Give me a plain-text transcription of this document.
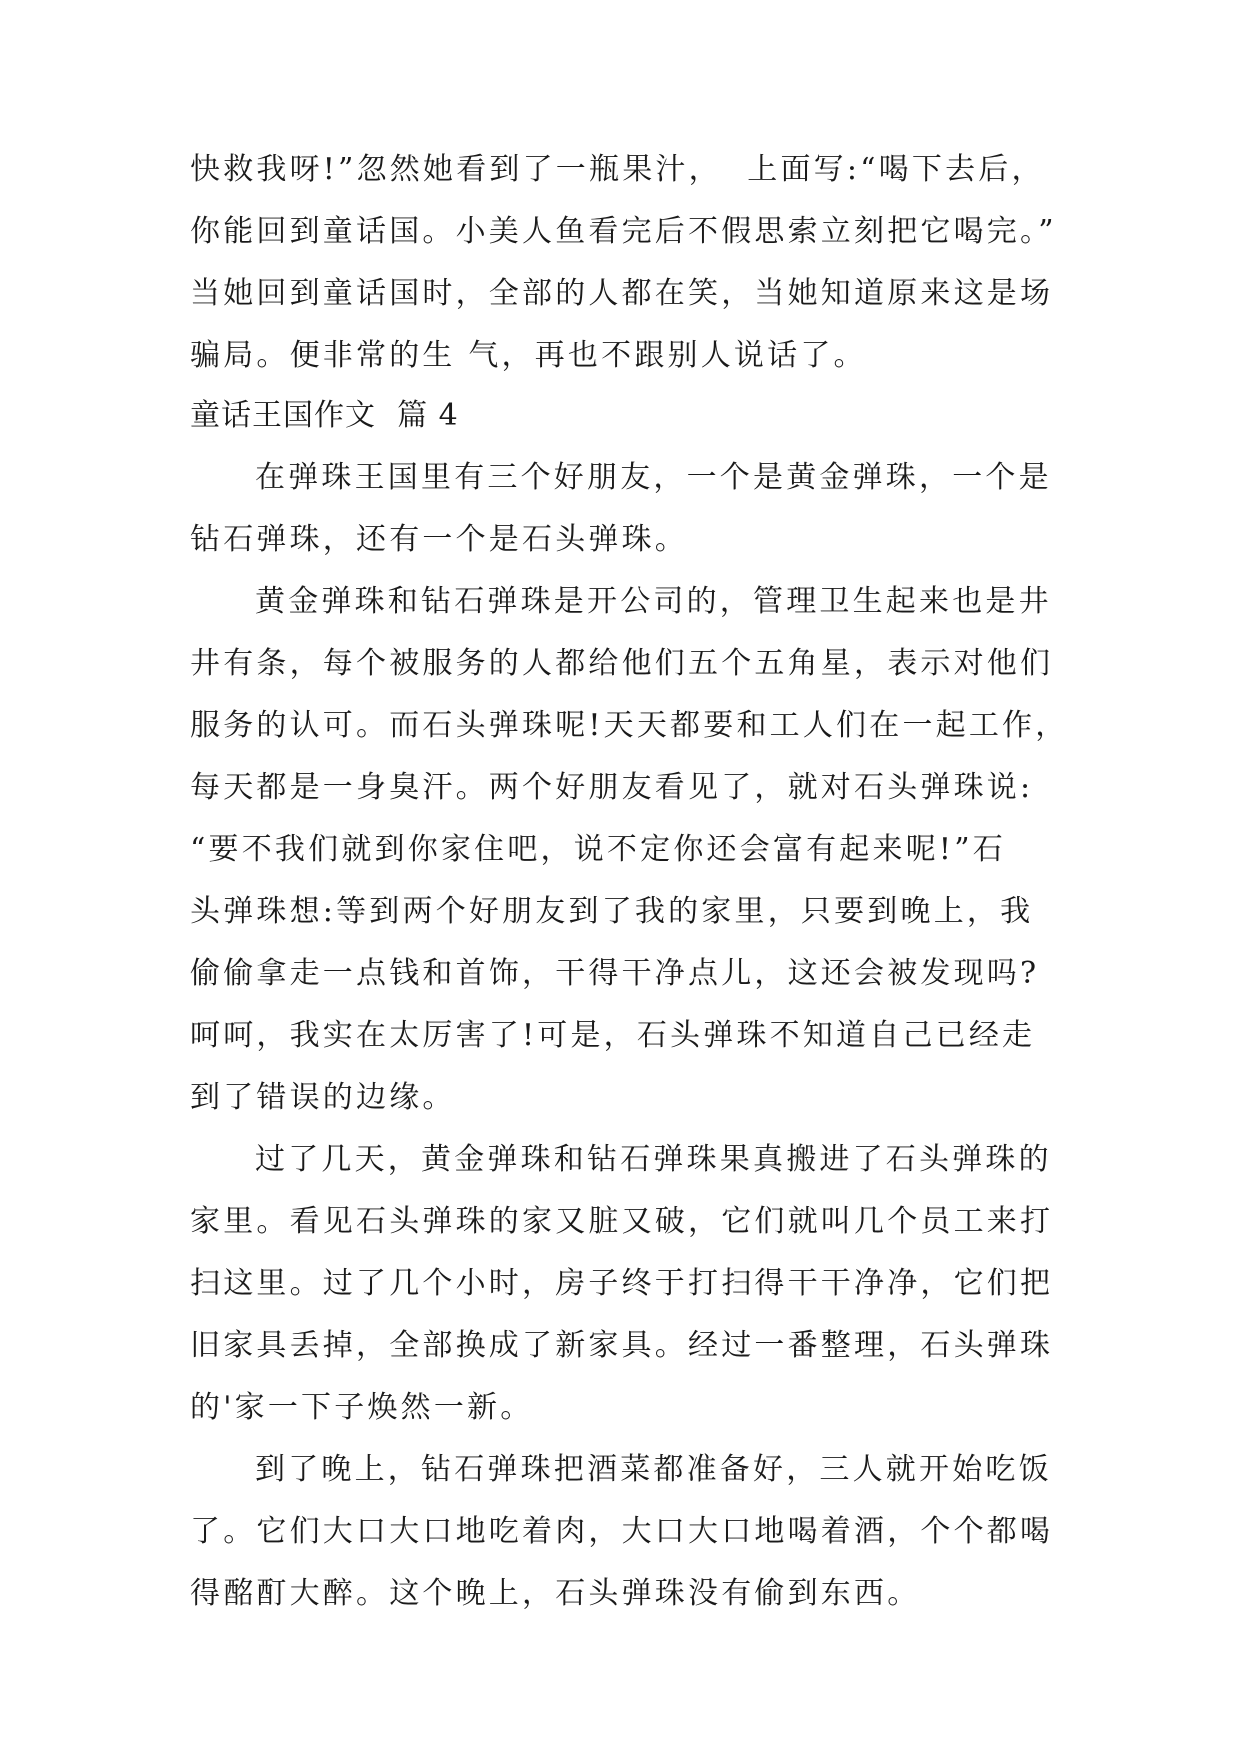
快救我呀!”忽然她看到了一瓶果汁，  上面写:“喝下去后，
你能回到童话国。小美人鱼看完后不假思索立刻把它喝完。”
当她回到童话国时，全部的人都在笑，当她知道原来这是场
骗局。便非常的生 气，再也不跟别人说话了。
童话王国作文  篇 4
在弹珠王国里有三个好朋友，一个是黄金弹珠，一个是
钻石弹珠，还有一个是石头弹珠。
黄金弹珠和钻石弹珠是开公司的，管理卫生起来也是井
井有条，每个被服务的人都给他们五个五角星，表示对他们
服务的认可。而石头弹珠呢!天天都要和工人们在一起工作，
每天都是一身臭汗。两个好朋友看见了，就对石头弹珠说:
“要不我们就到你家住吧，说不定你还会富有起来呢!”石
头弹珠想:等到两个好朋友到了我的家里，只要到晚上，我
偷偷拿走一点钱和首饰，干得干净点儿，这还会被发现吗?
呵呵，我实在太厉害了!可是，石头弹珠不知道自己已经走
到了错误的边缘。
过了几天，黄金弹珠和钻石弹珠果真搬进了石头弹珠的
家里。看见石头弹珠的家又脏又破，它们就叫几个员工来打
扫这里。过了几个小时，房子终于打扫得干干净净，它们把
旧家具丢掉，全部换成了新家具。经过一番整理，石头弹珠
的'家一下子焕然一新。
到了晚上，钻石弹珠把酒菜都准备好，三人就开始吃饭
了。它们大口大口地吃着肉，大口大口地喝着酒，个个都喝
得酩酊大醉。这个晚上，石头弹珠没有偷到东西。
